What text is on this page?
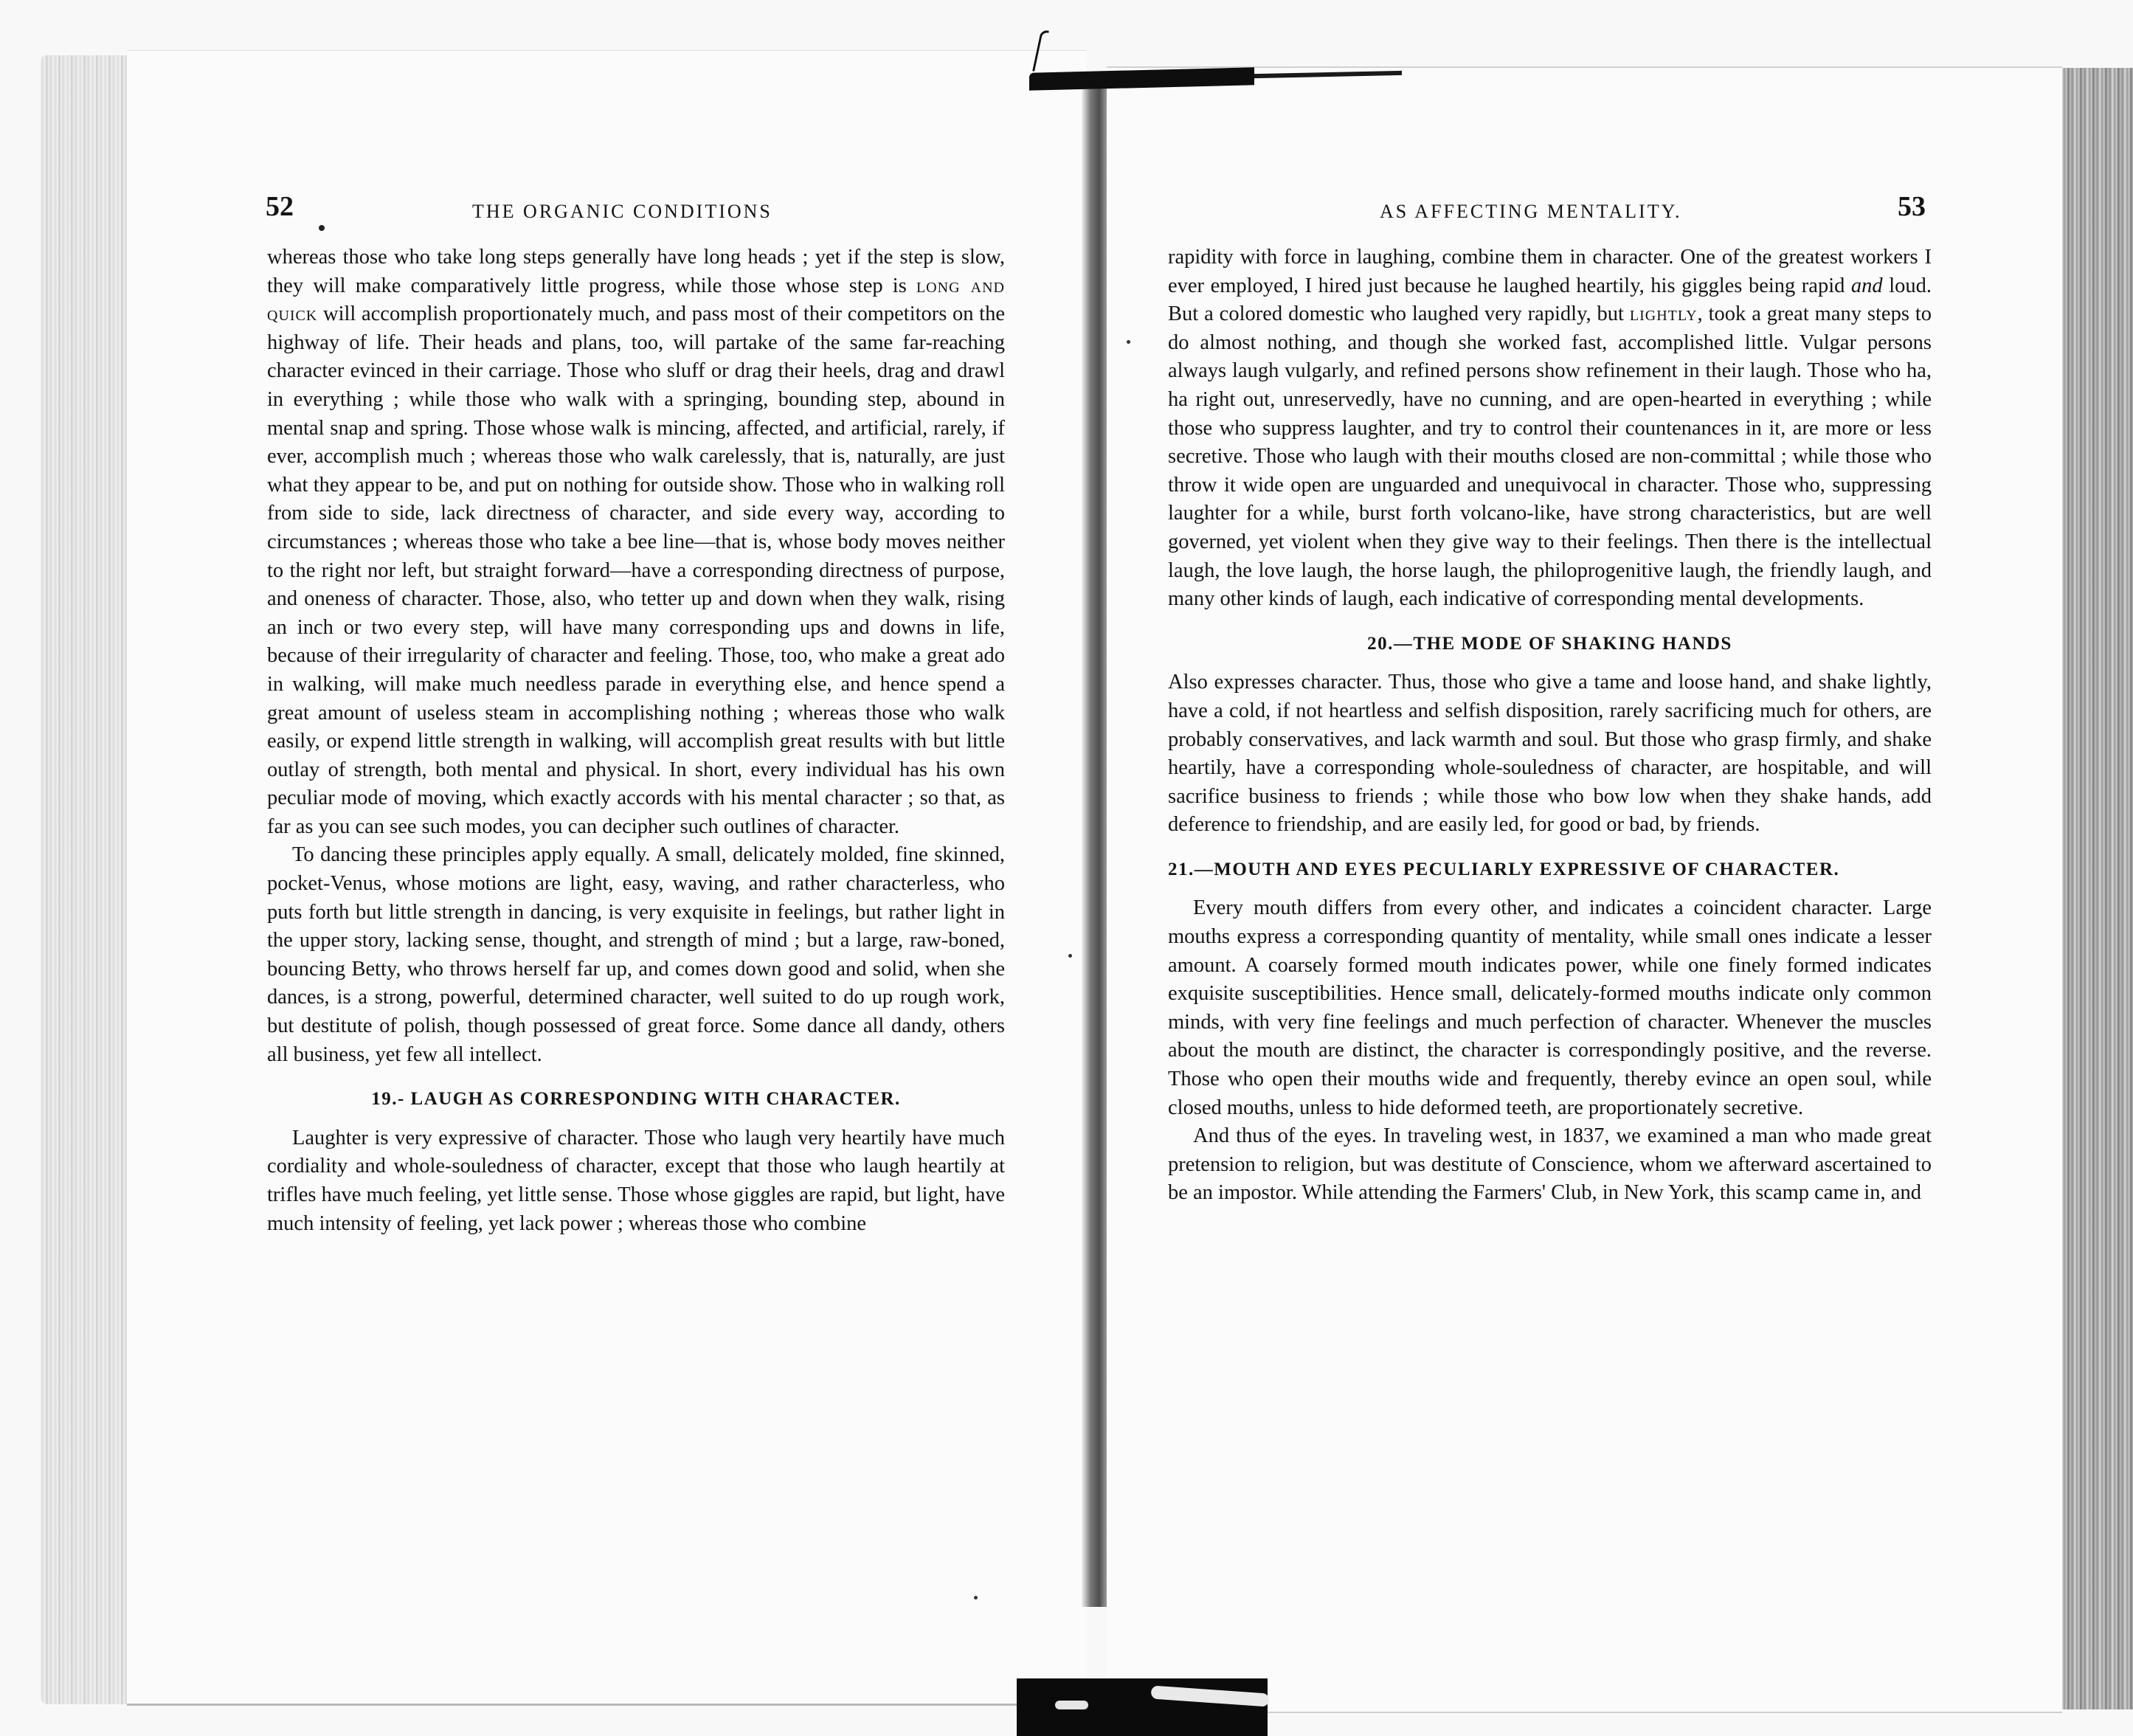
52	THE ORGANIC CONDITIONS

whereas those who take long steps generally have long heads ; yet if the step is slow, they will make comparatively little progress, while those whose step is long and quick will accomplish proportionately much, and pass most of their competitors on the highway of life. Their heads and plans, too, will partake of the same far-reaching character evinced in their carriage. Those who sluff or drag their heels, drag and drawl in everything ; while those who walk with a springing, bounding step, abound in mental snap and spring. Those whose walk is mincing, affected, and artificial, rarely, if ever, accomplish much ; whereas those who walk carelessly, that is, naturally, are just what they appear to be, and put on nothing for outside show. Those who in walking roll from side to side, lack directness of character, and side every way, according to circumstances ; whereas those who take a bee line—that is, whose body moves neither to the right nor left, but straight forward—have a corresponding directness of purpose, and oneness of character. Those, also, who tetter up and down when they walk, rising an inch or two every step, will have many corresponding ups and downs in life, because of their irregularity of character and feeling. Those, too, who make a great ado in walking, will make much needless parade in everything else, and hence spend a great amount of useless steam in accomplishing nothing ; whereas those who walk easily, or expend little strength in walking, will accomplish great results with but little outlay of strength, both mental and physical. In short, every individual has his own peculiar mode of moving, which exactly accords with his mental character ; so that, as far as you can see such modes, you can decipher such outlines of character.

To dancing these principles apply equally. A small, delicately molded, fine skinned, pocket-Venus, whose motions are light, easy, waving, and rather characterless, who puts forth but little strength in dancing, is very exquisite in feelings, but rather light in the upper story, lacking sense, thought, and strength of mind ; but a large, raw-boned, bouncing Betty, who throws herself far up, and comes down good and solid, when she dances, is a strong, powerful, determined character, well suited to do up rough work, but destitute of polish, though possessed of great force. Some dance all dandy, others all business, yet few all intellect.

19.- LAUGH AS CORRESPONDING WITH CHARACTER.

Laughter is very expressive of character. Those who laugh very heartily have much cordiality and whole-souledness of character, except that those who laugh heartily at trifles have much feeling, yet little sense. Those whose giggles are rapid, but light, have much intensity of feeling, yet lack power ; whereas those who combine

AS AFFECTING MENTALITY.	53

rapidity with force in laughing, combine them in character. One of the greatest workers I ever employed, I hired just because he laughed heartily, his giggles being rapid and loud. But a colored domestic who laughed very rapidly, but lightly, took a great many steps to do almost nothing, and though she worked fast, accomplished little. Vulgar persons always laugh vulgarly, and refined persons show refinement in their laugh. Those who ha, ha right out, unreservedly, have no cunning, and are open-hearted in everything ; while those who suppress laughter, and try to control their countenances in it, are more or less secretive. Those who laugh with their mouths closed are non-committal ; while those who throw it wide open are unguarded and unequivocal in character. Those who, suppressing laughter for a while, burst forth volcano-like, have strong characteristics, but are well governed, yet violent when they give way to their feelings. Then there is the intellectual laugh, the love laugh, the horse laugh, the philoprogenitive laugh, the friendly laugh, and many other kinds of laugh, each indicative of corresponding mental developments.

20.—THE MODE OF SHAKING HANDS

Also expresses character. Thus, those who give a tame and loose hand, and shake lightly, have a cold, if not heartless and selfish disposition, rarely sacrificing much for others, are probably conservatives, and lack warmth and soul. But those who grasp firmly, and shake heartily, have a corresponding whole-souledness of character, are hospitable, and will sacrifice business to friends ; while those who bow low when they shake hands, add deference to friendship, and are easily led, for good or bad, by friends.

21.—MOUTH AND EYES PECULIARLY EXPRESSIVE OF CHARACTER.

Every mouth differs from every other, and indicates a coincident character. Large mouths express a corresponding quantity of mentality, while small ones indicate a lesser amount. A coarsely formed mouth indicates power, while one finely formed indicates exquisite susceptibilities. Hence small, delicately-formed mouths indicate only common minds, with very fine feelings and much perfection of character. Whenever the muscles about the mouth are distinct, the character is correspondingly positive, and the reverse. Those who open their mouths wide and frequently, thereby evince an open soul, while closed mouths, unless to hide deformed teeth, are proportionately secretive.

And thus of the eyes. In traveling west, in 1837, we examined a man who made great pretension to religion, but was destitute of Conscience, whom we afterward ascertained to be an impostor. While attending the Farmers' Club, in New York, this scamp came in, and
